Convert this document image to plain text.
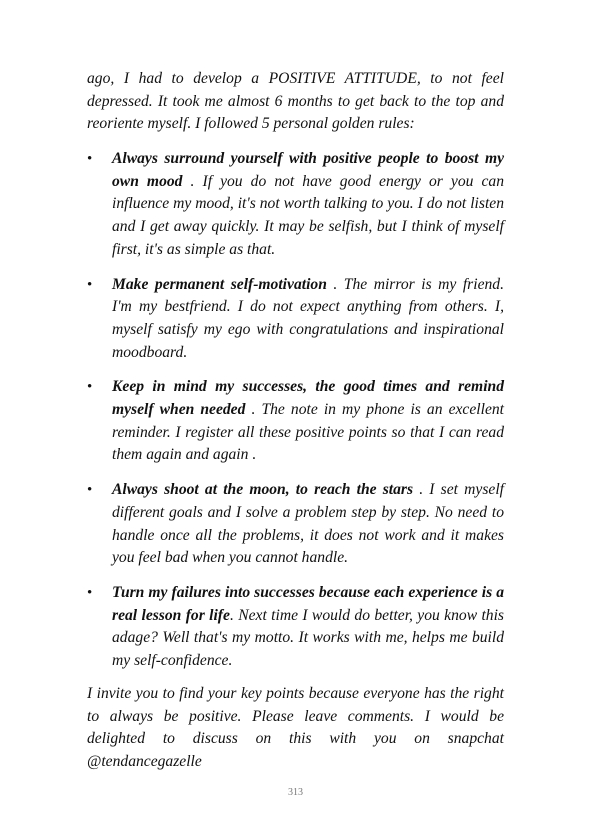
ago, I had to develop a POSITIVE ATTITUDE, to not feel depressed. It took me almost 6 months to get back to the top and reoriente myself. I followed 5 personal golden rules:

• Always surround yourself with positive people to boost my own mood . If you do not have good energy or you can influence my mood, it's not worth talking to you. I do not listen and I get away quickly. It may be selfish, but I think of myself first, it's as simple as that.
• Make permanent self-motivation . The mirror is my friend. I'm my bestfriend. I do not expect anything from others. I, myself satisfy my ego with congratulations and inspirational moodboard.
• Keep in mind my successes, the good times and remind myself when needed . The note in my phone is an excellent reminder. I register all these positive points so that I can read them again and again .
• Always shoot at the moon, to reach the stars . I set myself different goals and I solve a problem step by step. No need to handle once all the problems, it does not work and it makes you feel bad when you cannot handle.
• Turn my failures into successes because each experience is a real lesson for life. Next time I would do better, you know this adage? Well that's my motto. It works with me, helps me build my self-confidence.

I invite you to find your key points because everyone has the right to always be positive. Please leave comments. I would be delighted to discuss on this with you on snapchat @tendancegazelle

313
